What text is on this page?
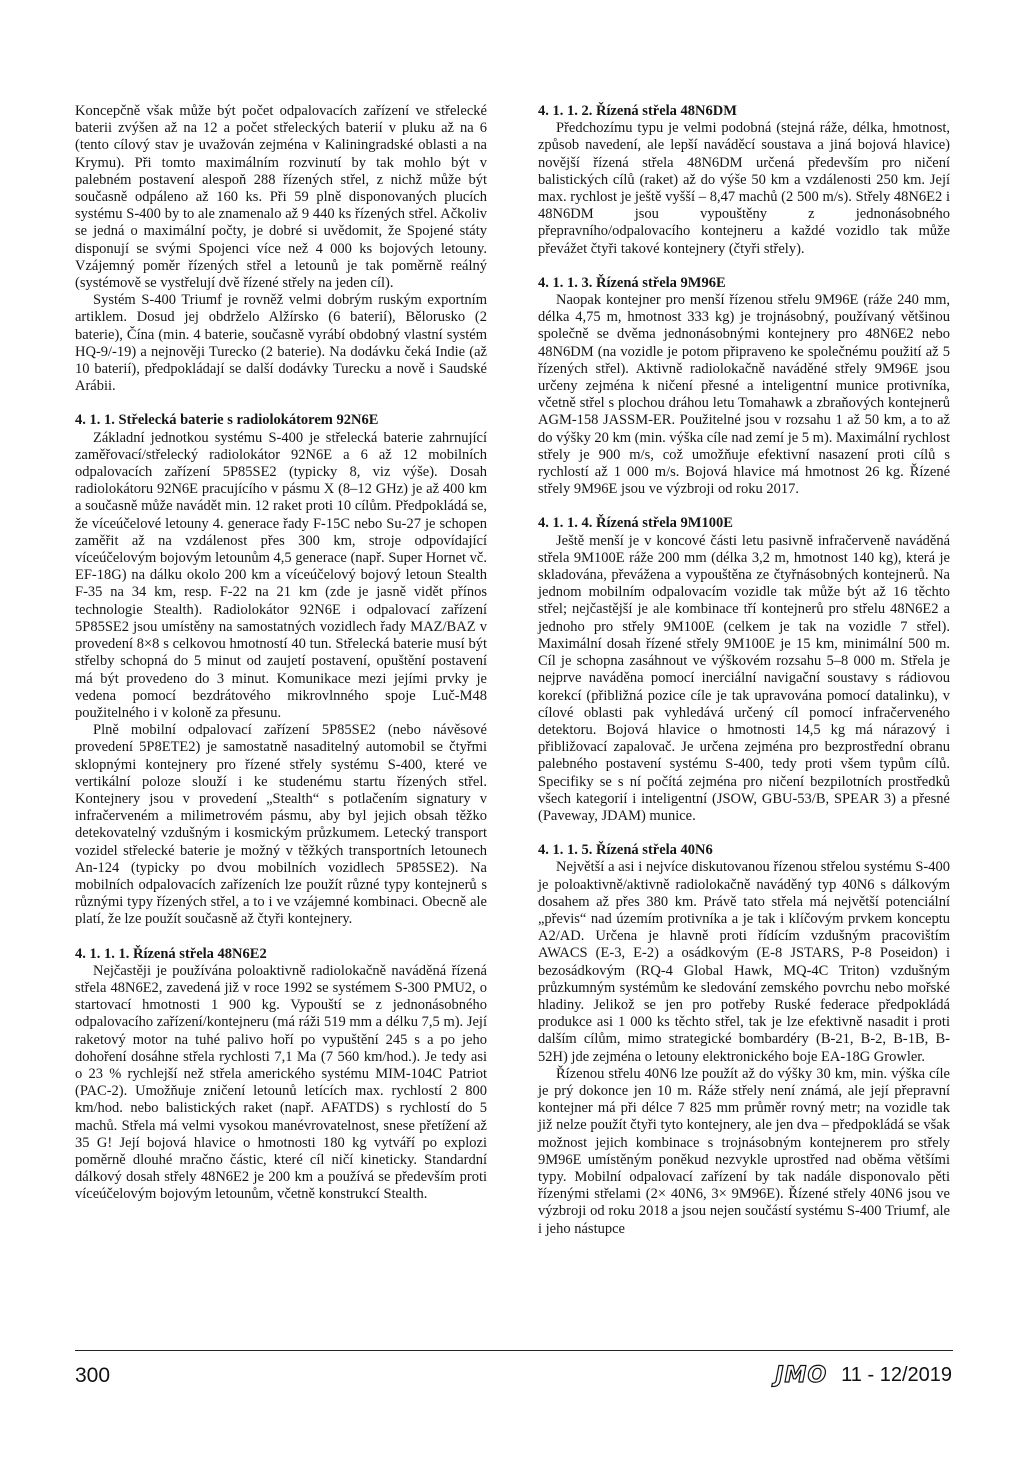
Koncepčně však může být počet odpalovacích zařízení ve střelecké baterii zvýšen až na 12 a počet střeleckých baterií v pluku až na 6 (tento cílový stav je uvažován zejména v Kaliningradské oblasti a na Krymu). Při tomto maximálním rozvinutí by tak mohlo být v palebném postavení alespoň 288 řízených střel, z nichž může být současně odpáleno až 160 ks. Při 59 plně disponovaných plucích systému S-400 by to ale znamenalo až 9 440 ks řízených střel. Ačkoliv se jedná o maximální počty, je dobré si uvědomit, že Spojené státy disponují se svými Spojenci více než 4 000 ks bojových letouny. Vzájemný poměr řízených střel a letounů je tak poměrně reálný (systémově se vystřelují dvě řízené střely na jeden cíl).

Systém S-400 Triumf je rovněž velmi dobrým ruským exportním artiklem. Dosud jej obdrželo Alžírsko (6 baterií), Bělorusko (2 baterie), Čína (min. 4 baterie, současně vyrábí obdobný vlastní systém HQ-9/-19) a nejnověji Turecko (2 baterie). Na dodávku čeká Indie (až 10 baterií), předpokládají se další dodávky Turecku a nově i Saudské Arábii.

4. 1. 1. Střelecká baterie s radiolokátorem 92N6E

Základní jednotkou systému S-400 je střelecká baterie zahrnující zaměřovací/střelecký radiolokátor 92N6E a 6 až 12 mobilních odpalovacích zařízení 5P85SE2 (typicky 8, viz výše). Dosah radiolokátoru 92N6E pracujícího v pásmu X (8–12 GHz) je až 400 km a současně může navádět min. 12 raket proti 10 cílům. Předpokládá se, že víceúčelové letouny 4. generace řady F-15C nebo Su-27 je schopen zaměřit až na vzdálenost přes 300 km, stroje odpovídající víceúčelovým bojovým letounům 4,5 generace (např. Super Hornet vč. EF-18G) na dálku okolo 200 km a víceúčelový bojový letoun Stealth F-35 na 34 km, resp. F-22 na 21 km (zde je jasně vidět přínos technologie Stealth). Radiolokátor 92N6E i odpalovací zařízení 5P85SE2 jsou umístěny na samostatných vozidlech řady MAZ/BAZ v provedení 8×8 s celkovou hmotností 40 tun. Střelecká baterie musí být střelby schopná do 5 minut od zaujetí postavení, opuštění postavení má být provedeno do 3 minut. Komunikace mezi jejími prvky je vedena pomocí bezdrátového mikrovlnného spoje Luč-M48 použitelného i v koloně za přesunu.

Plně mobilní odpalovací zařízení 5P85SE2 (nebo návěsové provedení 5P8ETE2) je samostatně nasaditelný automobil se čtyřmi sklopnými kontejnery pro řízené střely systému S-400, které ve vertikální poloze slouží i ke studenému startu řízených střel. Kontejnery jsou v provedení „Stealth“ s potlačením signatury v infračerveném a milimetrovém pásmu, aby byl jejich obsah těžko detekovatelný vzdušným i kosmickým průzkumem. Letecký transport vozidel střelecké baterie je možný v těžkých transportních letounech An-124 (typicky po dvou mobilních vozidlech 5P85SE2). Na mobilních odpalovacích zařízeních lze použít různé typy kontejnerů s různými typy řízených střel, a to i ve vzájemné kombinaci. Obecně ale platí, že lze použít současně až čtyři kontejnery.

4. 1. 1. 1. Řízená střela 48N6E2

Nejčastěji je používána poloaktivně radiolokačně naváděná řízená střela 48N6E2, zavedená již v roce 1992 se systémem S-300 PMU2, o startovací hmotnosti 1 900 kg. Vypouští se z jednonásobného odpalovacího zařízení/kontejneru (má ráži 519 mm a délku 7,5 m). Její raketový motor na tuhé palivo hoří po vypuštění 245 s a po jeho dohoření dosáhne střela rychlosti 7,1 Ma (7 560 km/hod.). Je tedy asi o 23 % rychlejší než střela amerického systému MIM-104C Patriot (PAC-2). Umožňuje zničení letounů letících max. rychlostí 2 800 km/hod. nebo balistických raket (např. AFATDS) s rychlostí do 5 machů. Střela má velmi vysokou manévrovatelnost, snese přetížení až 35 G! Její bojová hlavice o hmotnosti 180 kg vytváří po explozi poměrně dlouhé mračno částic, které cíl ničí kineticky. Standardní dálkový dosah střely 48N6E2 je 200 km a používá se především proti víceúčelovým bojovým letounům, včetně konstrukcí Stealth.

4. 1. 1. 2. Řízená střela 48N6DM

Předchozímu typu je velmi podobná (stejná ráže, délka, hmotnost, způsob navedení, ale lepší naváděcí soustava a jiná bojová hlavice) novější řízená střela 48N6DM určená především pro ničení balistických cílů (raket) až do výše 50 km a vzdálenosti 250 km. Její max. rychlost je ještě vyšší – 8,47 machů (2 500 m/s). Střely 48N6E2 i 48N6DM jsou vypouštěny z jednonásobného přepravního/odpalovacího kontejneru a každé vozidlo tak může převážet čtyři takové kontejnery (čtyři střely).

4. 1. 1. 3. Řízená střela 9M96E

Naopak kontejner pro menší řízenou střelu 9M96E (ráže 240 mm, délka 4,75 m, hmotnost 333 kg) je trojnásobný, používaný většinou společně se dvěma jednonásobnými kontejnery pro 48N6E2 nebo 48N6DM (na vozidle je potom připraveno ke společnému použití až 5 řízených střel). Aktivně radiolokačně naváděné střely 9M96E jsou určeny zejména k ničení přesné a inteligentní munice protivníka, včetně střel s plochou dráhou letu Tomahawk a zbraňových kontejnerů AGM-158 JASSM-ER. Použitelné jsou v rozsahu 1 až 50 km, a to až do výšky 20 km (min. výška cíle nad zemí je 5 m). Maximální rychlost střely je 900 m/s, což umožňuje efektivní nasazení proti cílů s rychlostí až 1 000 m/s. Bojová hlavice má hmotnost 26 kg. Řízené střely 9M96E jsou ve výzbroji od roku 2017.

4. 1. 1. 4. Řízená střela 9M100E

Ještě menší je v koncové části letu pasivně infračerveně naváděná střela 9M100E ráže 200 mm (délka 3,2 m, hmotnost 140 kg), která je skladována, převážena a vypouštěna ze čtyřnásobných kontejnerů. Na jednom mobilním odpalovacím vozidle tak může být až 16 těchto střel; nejčastější je ale kombinace tří kontejnerů pro střelu 48N6E2 a jednoho pro střely 9M100E (celkem je tak na vozidle 7 střel). Maximální dosah řízené střely 9M100E je 15 km, minimální 500 m. Cíl je schopna zasáhnout ve výškovém rozsahu 5–8 000 m. Střela je nejprve naváděna pomocí inerciální navigační soustavy s rádiovou korekcí (přibližná pozice cíle je tak upravována pomocí datalinku), v cílové oblasti pak vyhledává určený cíl pomocí infračerveného detektoru. Bojová hlavice o hmotnosti 14,5 kg má nárazový i přibližovací zapalovač. Je určena zejména pro bezprostřední obranu palebného postavení systému S-400, tedy proti všem typům cílů. Specifiky se s ní počítá zejména pro ničení bezpilotních prostředků všech kategorií i inteligentní (JSOW, GBU-53/B, SPEAR 3) a přesné (Paveway, JDAM) munice.

4. 1. 1. 5. Řízená střela 40N6

Největší a asi i nejvíce diskutovanou řízenou střelou systému S-400 je poloaktivně/aktivně radiolokačně naváděný typ 40N6 s dálkovým dosahem až přes 380 km. Právě tato střela má největší potenciální „převis“ nad územím protivníka a je tak i klíčovým prvkem konceptu A2/AD. Určena je hlavně proti řídícím vzdušným pracovištím AWACS (E-3, E-2) a osádkovým (E-8 JSTARS, P-8 Poseidon) i bezosádkovým (RQ-4 Global Hawk, MQ-4C Triton) vzdušným průzkumným systémům ke sledování zemského povrchu nebo mořské hladiny. Jelikož se jen pro potřeby Ruské federace předpokládá produkce asi 1 000 ks těchto střel, tak je lze efektivně nasadit i proti dalším cílům, mimo strategické bombardéry (B-21, B-2, B-1B, B-52H) jde zejména o letouny elektronického boje EA-18G Growler.

Řízenou střelu 40N6 lze použít až do výšky 30 km, min. výška cíle je prý dokonce jen 10 m. Ráže střely není známá, ale její přepravní kontejner má při délce 7 825 mm průměr rovný metr; na vozidle tak již nelze použít čtyři tyto kontejnery, ale jen dva – předpokládá se však možnost jejich kombinace s trojnásobným kontejnerem pro střely 9M96E umístěným poněkud nezvykle uprostřed nad oběma většími typy. Mobilní odpalovací zařízení by tak nadále disponovalo pěti řízenými střelami (2× 40N6, 3× 9M96E). Řízené střely 40N6 jsou ve výzbroji od roku 2018 a jsou nejen součástí systému S-400 Triumf, ale i jeho nástupce

300	JMO 11 - 12/2019
